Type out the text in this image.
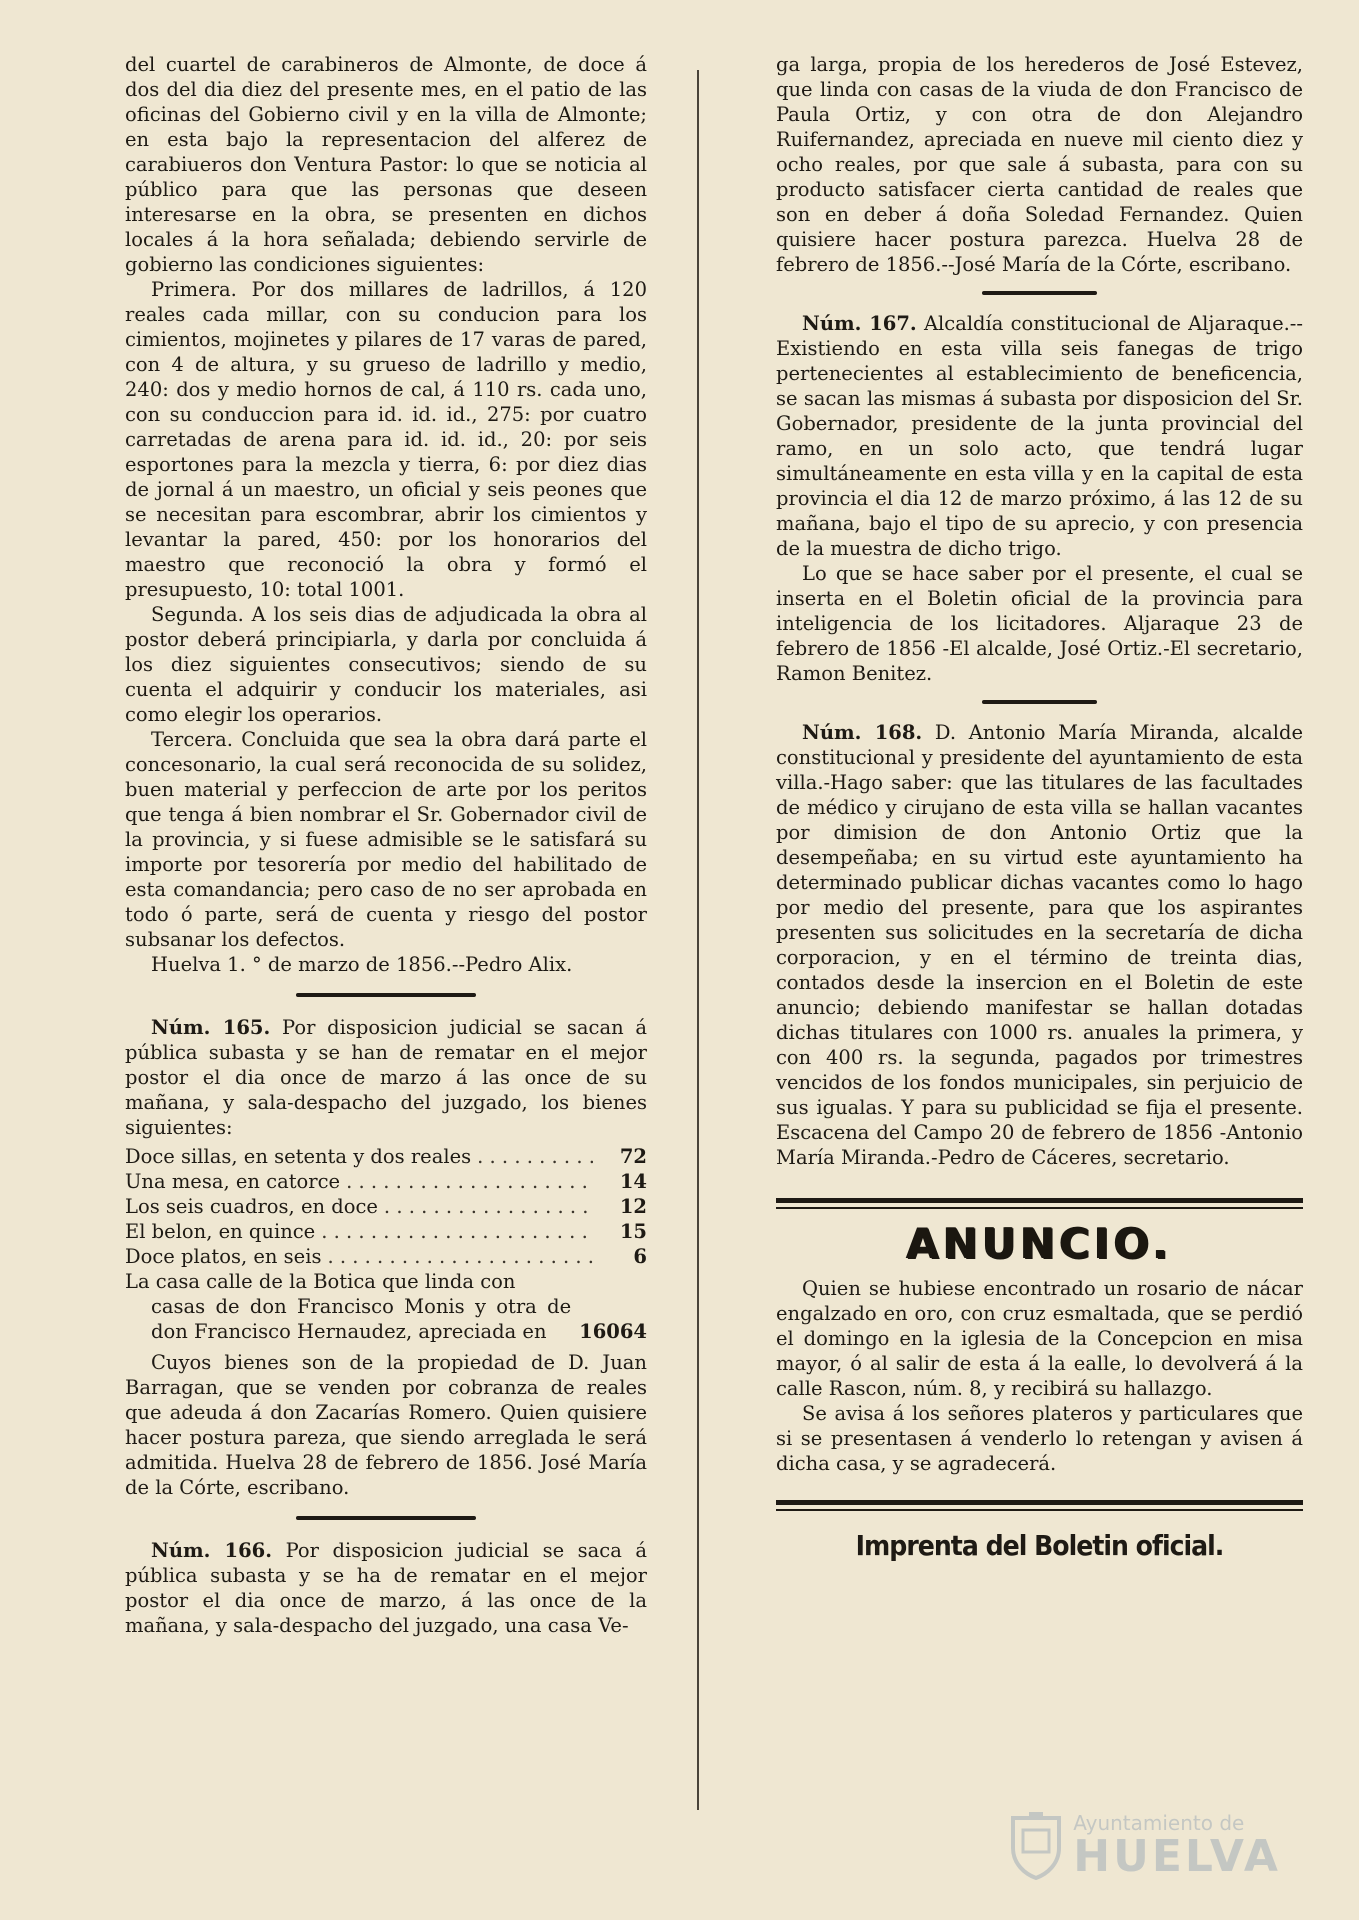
del cuartel de carabineros de Almonte, de doce á dos del dia diez del presente mes, en el patio de las oficinas del Gobierno civil y en la villa de Almonte; en esta bajo la representacion del alferez de carabiueros don Ventura Pastor: lo que se noticia al público para que las personas que deseen interesarse en la obra, se presenten en dichos locales á la hora señalada; debiendo servirle de gobierno las condiciones siguientes:

Primera. Por dos millares de ladrillos, á 120 reales cada millar, con su conducion para los cimientos, mojinetes y pilares de 17 varas de pared, con 4 de altura, y su grueso de ladrillo y medio, 240: dos y medio hornos de cal, á 110 rs. cada uno, con su conduccion para id. id. id., 275: por cuatro carretadas de arena para id. id. id., 20: por seis esportones para la mezcla y tierra, 6: por diez dias de jornal á un maestro, un oficial y seis peones que se necesitan para escombrar, abrir los cimientos y levantar la pared, 450: por los honorarios del maestro que reconoció la obra y formó el presupuesto, 10: total 1001.

Segunda. A los seis dias de adjudicada la obra al postor deberá principiarla, y darla por concluida á los diez siguientes consecutivos; siendo de su cuenta el adquirir y conducir los materiales, asi como elegir los operarios.

Tercera. Concluida que sea la obra dará parte el concesonario, la cual será reconocida de su solidez, buen material y perfeccion de arte por los peritos que tenga á bien nombrar el Sr. Gobernador civil de la provincia, y si fuese admisible se le satisfará su importe por tesorería por medio del habilitado de esta comandancia; pero caso de no ser aprobada en todo ó parte, será de cuenta y riesgo del postor subsanar los defectos.

Huelva 1. ° de marzo de 1856.--Pedro Alix.

Núm. 165. Por disposicion judicial se sacan á pública subasta y se han de rematar en el mejor postor el dia once de marzo á las once de su mañana, y sala-despacho del juzgado, los bienes siguientes:

Doce sillas, en setenta y dos reales . . .	72
Una mesa, en catorce . . .	14
Los seis cuadros, en doce . . .	12
El belon, en quince . . .	15
Doce platos, en seis . . .	6
La casa calle de la Botica que linda con
casas de don Francisco Monis y otra de don Francisco Hernaudez, apreciada en	16064

Cuyos bienes son de la propiedad de D. Juan Barragan, que se venden por cobranza de reales que adeuda á don Zacarías Romero. Quien quisiere hacer postura pareza, que siendo arreglada le será admitida. Huelva 28 de febrero de 1856. José María de la Córte, escribano.

Núm. 166. Por disposicion judicial se saca á pública subasta y se ha de rematar en el mejor postor el dia once de marzo, á las once de la mañana, y sala-despacho del juzgado, una casa Ve-

ga larga, propia de los herederos de José Estevez, que linda con casas de la viuda de don Francisco de Paula Ortiz, y con otra de don Alejandro Ruifernandez, apreciada en nueve mil ciento diez y ocho reales, por que sale á subasta, para con su producto satisfacer cierta cantidad de reales que son en deber á doña Soledad Fernandez. Quien quisiere hacer postura parezca. Huelva 28 de febrero de 1856.--José María de la Córte, escribano.

Núm. 167. Alcaldía constitucional de Aljaraque.--Existiendo en esta villa seis fanegas de trigo pertenecientes al establecimiento de beneficencia, se sacan las mismas á subasta por disposicion del Sr. Gobernador, presidente de la junta provincial del ramo, en un solo acto, que tendrá lugar simultáneamente en esta villa y en la capital de esta provincia el dia 12 de marzo próximo, á las 12 de su mañana, bajo el tipo de su aprecio, y con presencia de la muestra de dicho trigo.

Lo que se hace saber por el presente, el cual se inserta en el Boletin oficial de la provincia para inteligencia de los licitadores. Aljaraque 23 de febrero de 1856 -El alcalde, José Ortiz.-El secretario, Ramon Benitez.

Núm. 168. D. Antonio María Miranda, alcalde constitucional y presidente del ayuntamiento de esta villa.-Hago saber: que las titulares de las facultades de médico y cirujano de esta villa se hallan vacantes por dimision de don Antonio Ortiz que la desempeñaba; en su virtud este ayuntamiento ha determinado publicar dichas vacantes como lo hago por medio del presente, para que los aspirantes presenten sus solicitudes en la secretaría de dicha corporacion, y en el término de treinta dias, contados desde la insercion en el Boletin de este anuncio; debiendo manifestar se hallan dotadas dichas titulares con 1000 rs. anuales la primera, y con 400 rs. la segunda, pagados por trimestres vencidos de los fondos municipales, sin perjuicio de sus igualas. Y para su publicidad se fija el presente. Escacena del Campo 20 de febrero de 1856 -Antonio María Miranda.-Pedro de Cáceres, secretario.

ANUNCIO.

Quien se hubiese encontrado un rosario de nácar engalzado en oro, con cruz esmaltada, que se perdió el domingo en la iglesia de la Concepcion en misa mayor, ó al salir de esta á la ealle, lo devolverá á la calle Rascon, núm. 8, y recibirá su hallazgo.

Se avisa á los señores plateros y particulares que si se presentasen á venderlo lo retengan y avisen á dicha casa, y se agradecerá.

Imprenta del Boletin oficial.
Ayuntamiento de
HUELVA
